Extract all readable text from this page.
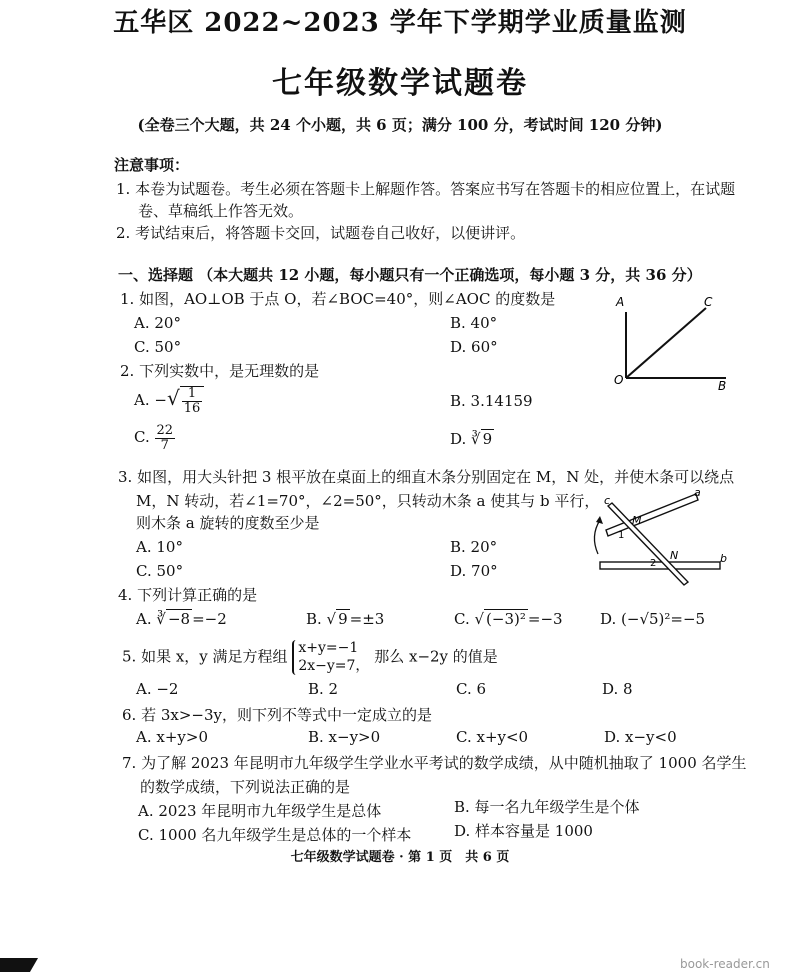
五华区 2022~2023 学年下学期学业质量监测
七年级数学试题卷
(全卷三个大题，共 24 个小题，共 6 页；满分 100 分，考试时间 120 分钟)
注意事项：
1. 本卷为试题卷。考生必须在答题卡上解题作答。答案应书写在答题卡的相应位置上，在试题
卷、草稿纸上作答无效。
2. 考试结束后，将答题卡交回，试题卷自己收好，以便讲评。
一、选择题 （本大题共 12 小题，每小题只有一个正确选项，每小题 3 分，共 36 分）
1. 如图，AO⊥OB 于点 O，若∠BOC=40°，则∠AOC 的度数是
A. 20°	B. 40°
C. 50°	D. 60°
A	C
O	B
2. 下列实数中，是无理数的是
A. −√ $\frac{1}{16}$	B. 3.14159
C. $\frac{22}{7}$	D. ∛ 9
3. 如图，用大头针把 3 根平放在桌面上的细直木条分别固定在 M，N 处，并使木条可以绕点
M，N 转动，若∠1=70°，∠2=50°，只转动木条 a 使其与 b 平行，
则木条 a 旋转的度数至少是
A. 10°	B. 20°
C. 50°	D. 70°
c
a
M
1
N
2	b
4. 下列计算正确的是
A. ∛ −8 =−2	B. √ 9 =±3	C. √ (−3)² =−3 D. (−√5)²=−5
5. 如果 x，y 满足方程组 x+y=−1
2x−y=7， 那么 x−2y 的值是
A. −2	B. 2	C. 6	D. 8
6. 若 3x>−3y，则下列不等式中一定成立的是
A. x+y>0	B. x−y>0	C. x+y<0	D. x−y<0
7. 为了解 2023 年昆明市九年级学生学业水平考试的数学成绩，从中随机抽取了 1000 名学生
的数学成绩，下列说法正确的是
A. 2023 年昆明市九年级学生是总体	B. 每一名九年级学生是个体
C. 1000 名九年级学生是总体的一个样本	D. 样本容量是 1000
七年级数学试题卷 · 第 1 页　共 6 页
book-reader.cn
